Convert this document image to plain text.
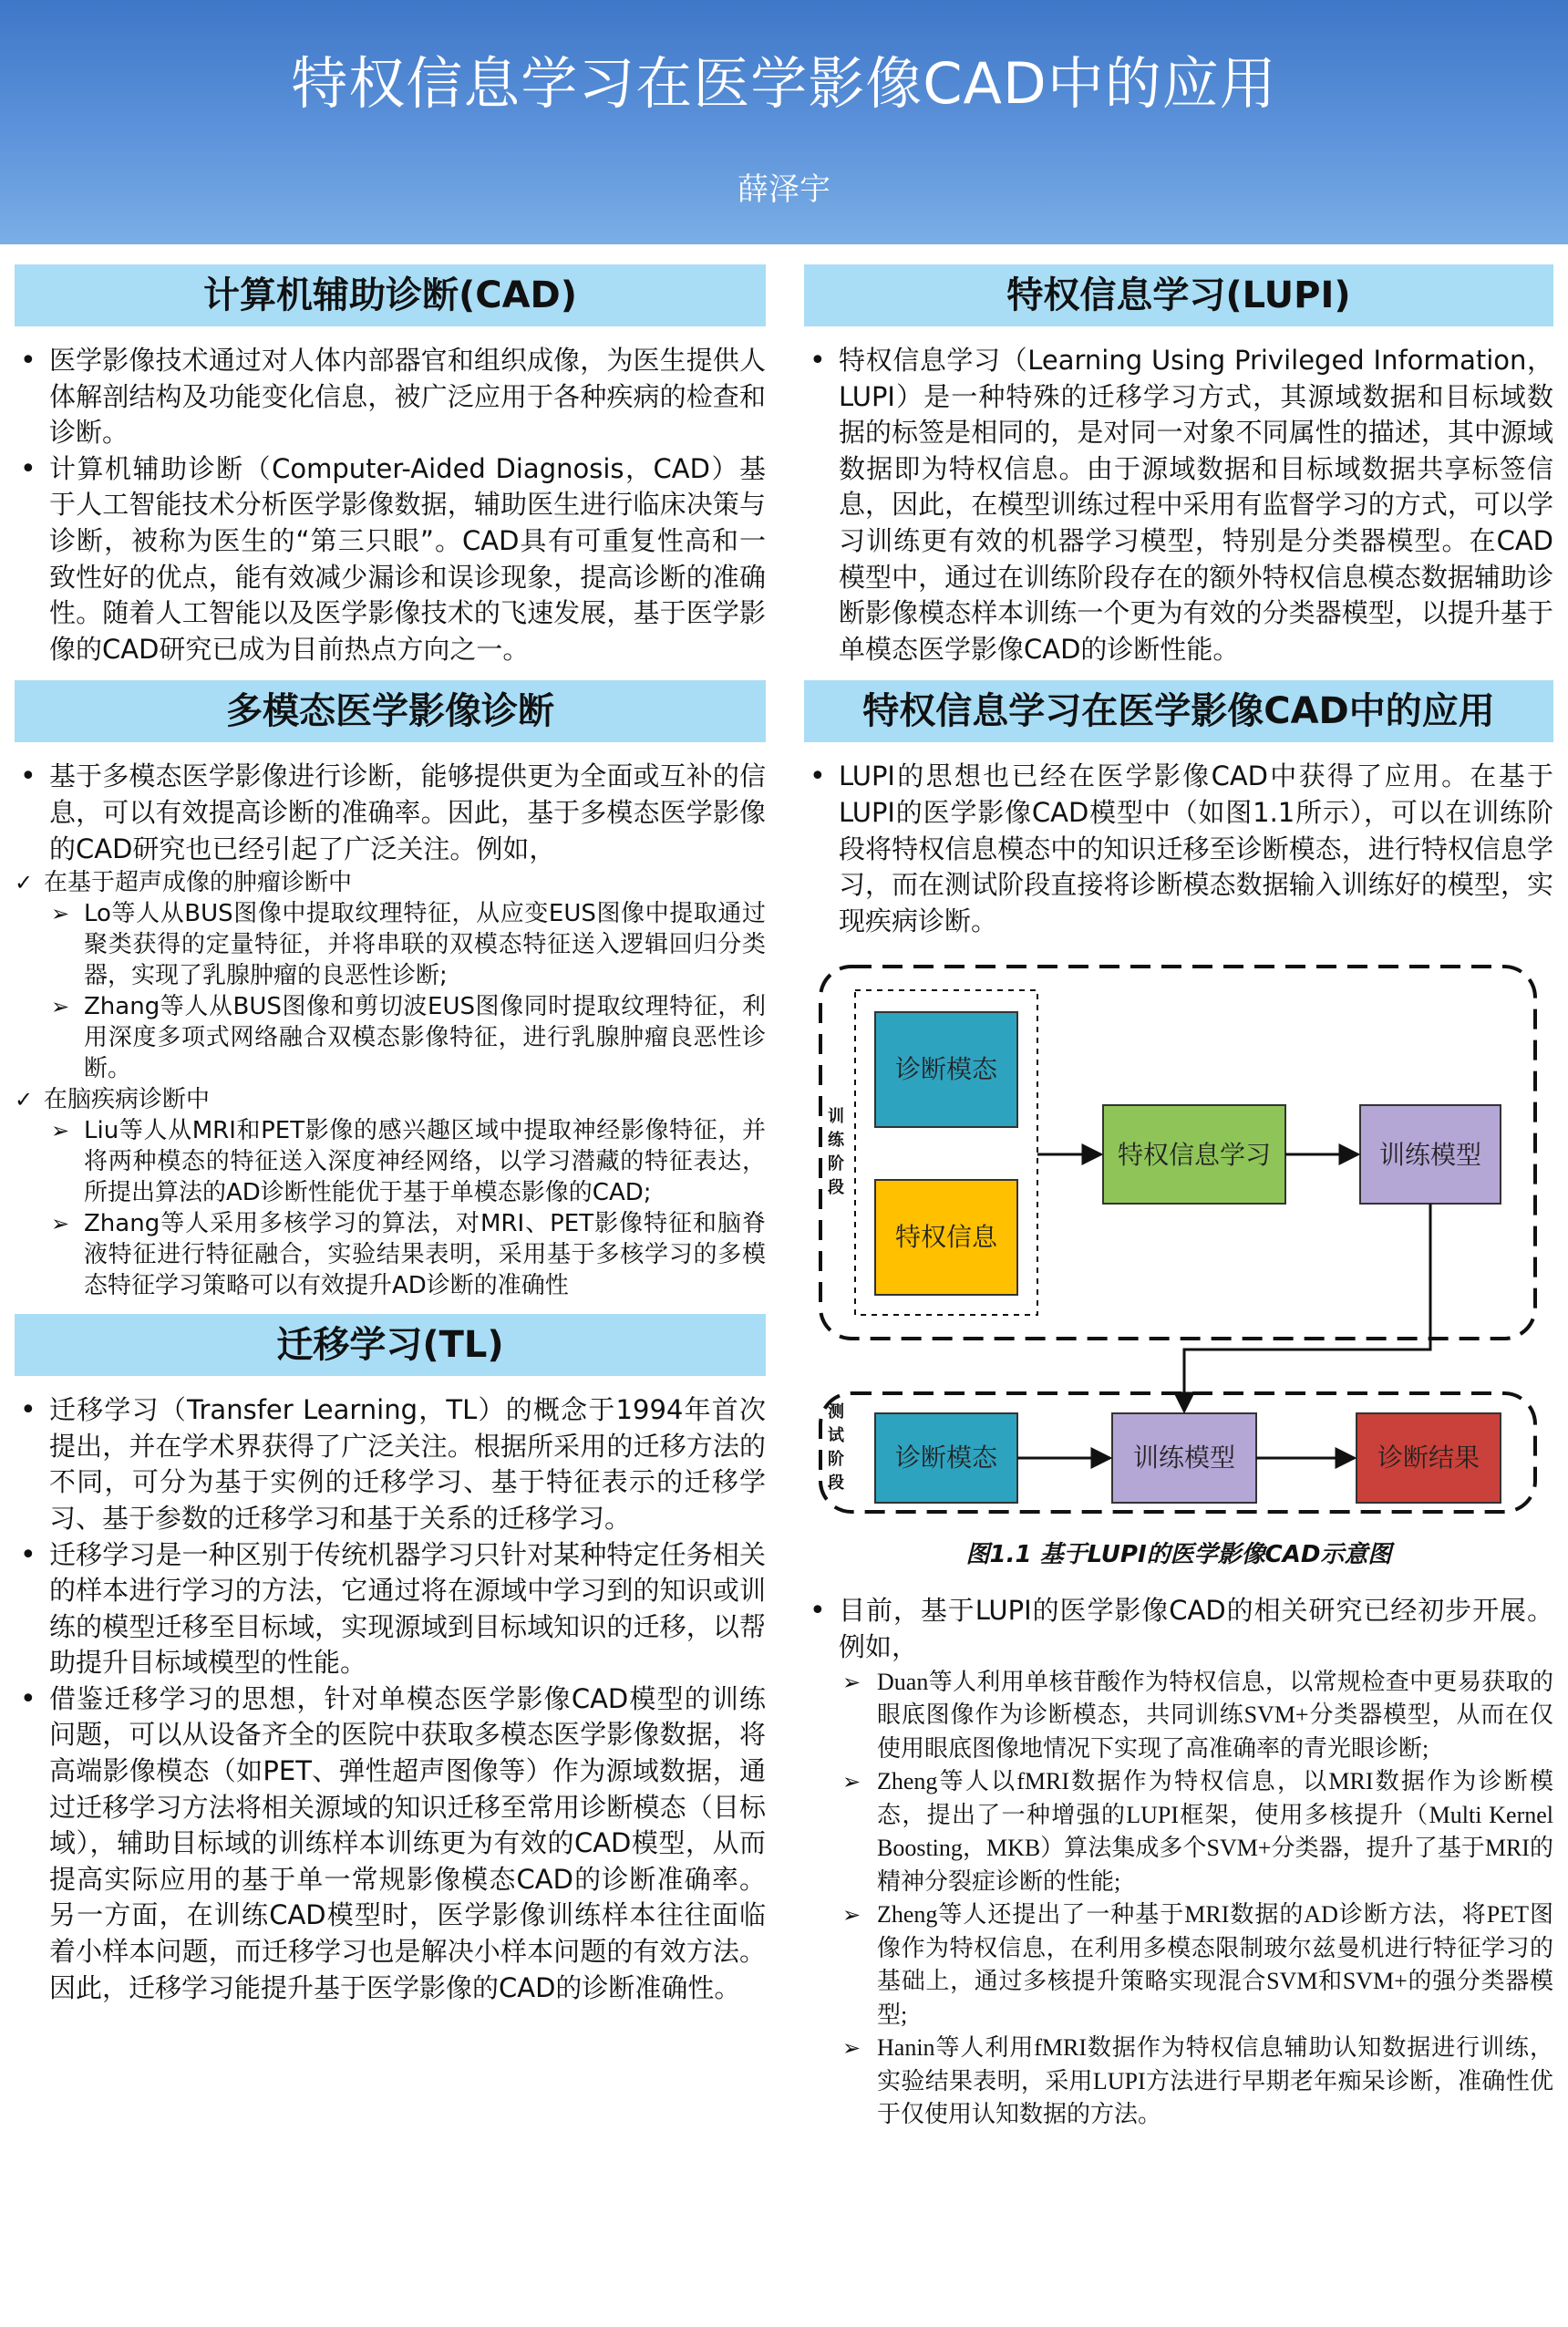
特权信息学习在医学影像CAD中的应用
薛泽宇
计算机辅助诊断(CAD)
• 医学影像技术通过对人体内部器官和组织成像，为医生提供人体解剖结构及功能变化信息，被广泛应用于各种疾病的检查和诊断。
• 计算机辅助诊断（Computer-Aided Diagnosis，CAD）基于人工智能技术分析医学影像数据，辅助医生进行临床决策与诊断，被称为医生的“第三只眼”。CAD具有可重复性高和一致性好的优点，能有效减少漏诊和误诊现象，提高诊断的准确性。随着人工智能以及医学影像技术的飞速发展，基于医学影像的CAD研究已成为目前热点方向之一。
多模态医学影像诊断
• 基于多模态医学影像进行诊断，能够提供更为全面或互补的信息，可以有效提高诊断的准确率。因此，基于多模态医学影像的CAD研究也已经引起了广泛关注。例如，
✓ 在基于超声成像的肿瘤诊断中
➢ Lo等人从BUS图像中提取纹理特征，从应变EUS图像中提取通过聚类获得的定量特征，并将串联的双模态特征送入逻辑回归分类器，实现了乳腺肿瘤的良恶性诊断;
➢ Zhang等人从BUS图像和剪切波EUS图像同时提取纹理特征，利用深度多项式网络融合双模态影像特征，进行乳腺肿瘤良恶性诊断。
✓ 在脑疾病诊断中
➢ Liu等人从MRI和PET影像的感兴趣区域中提取神经影像特征，并将两种模态的特征送入深度神经网络，以学习潜藏的特征表达，所提出算法的AD诊断性能优于基于单模态影像的CAD;
➢ Zhang等人采用多核学习的算法，对MRI、PET影像特征和脑脊液特征进行特征融合，实验结果表明，采用基于多核学习的多模态特征学习策略可以有效提升AD诊断的准确性
迁移学习(TL)
• 迁移学习（Transfer Learning，TL）的概念于1994年首次提出，并在学术界获得了广泛关注。根据所采用的迁移方法的不同，可分为基于实例的迁移学习、基于特征表示的迁移学习、基于参数的迁移学习和基于关系的迁移学习。
• 迁移学习是一种区别于传统机器学习只针对某种特定任务相关的样本进行学习的方法，它通过将在源域中学习到的知识或训练的模型迁移至目标域，实现源域到目标域知识的迁移，以帮助提升目标域模型的性能。
• 借鉴迁移学习的思想，针对单模态医学影像CAD模型的训练问题，可以从设备齐全的医院中获取多模态医学影像数据，将高端影像模态（如PET、弹性超声图像等）作为源域数据，通过迁移学习方法将相关源域的知识迁移至常用诊断模态（目标域），辅助目标域的训练样本训练更为有效的CAD模型，从而提高实际应用的基于单一常规影像模态CAD的诊断准确率。另一方面，在训练CAD模型时，医学影像训练样本往往面临着小样本问题，而迁移学习也是解决小样本问题的有效方法。因此，迁移学习能提升基于医学影像的CAD的诊断准确性。
特权信息学习(LUPI)
• 特权信息学习（Learning Using Privileged Information，LUPI）是一种特殊的迁移学习方式，其源域数据和目标域数据的标签是相同的，是对同一对象不同属性的描述，其中源域数据即为特权信息。由于源域数据和目标域数据共享标签信息，因此，在模型训练过程中采用有监督学习的方式，可以学习训练更有效的机器学习模型，特别是分类器模型。在CAD模型中，通过在训练阶段存在的额外特权信息模态数据辅助诊断影像模态样本训练一个更为有效的分类器模型，以提升基于单模态医学影像CAD的诊断性能。
特权信息学习在医学影像CAD中的应用
• LUPI的思想也已经在医学影像CAD中获得了应用。在基于LUPI的医学影像CAD模型中（如图1.1所示），可以在训练阶段将特权信息模态中的知识迁移至诊断模态，进行特权信息学习，而在测试阶段直接将诊断模态数据输入训练好的模型，实现疾病诊断。
训 练 阶 段
测 试 阶 段
诊断模态
特权信息
特权信息学习	训练模型
诊断模态	训练模型	诊断结果
图1.1 基于LUPI的医学影像CAD示意图
• 目前，基于LUPI的医学影像CAD的相关研究已经初步开展。例如，
➢ Duan等人利用单核苷酸作为特权信息，以常规检查中更易获取的眼底图像作为诊断模态，共同训练SVM+分类器模型，从而在仅使用眼底图像地情况下实现了高准确率的青光眼诊断;
➢ Zheng等人以fMRI数据作为特权信息，以MRI数据作为诊断模态，提出了一种增强的LUPI框架，使用多核提升（Multi Kernel Boosting，MKB）算法集成多个SVM+分类器，提升了基于MRI的精神分裂症诊断的性能;
➢ Zheng等人还提出了一种基于MRI数据的AD诊断方法，将PET图像作为特权信息，在利用多模态限制玻尔兹曼机进行特征学习的基础上，通过多核提升策略实现混合SVM和SVM+的强分类器模型;
➢ Hanin等人利用fMRI数据作为特权信息辅助认知数据进行训练，实验结果表明，采用LUPI方法进行早期老年痴呆诊断，准确性优于仅使用认知数据的方法。
